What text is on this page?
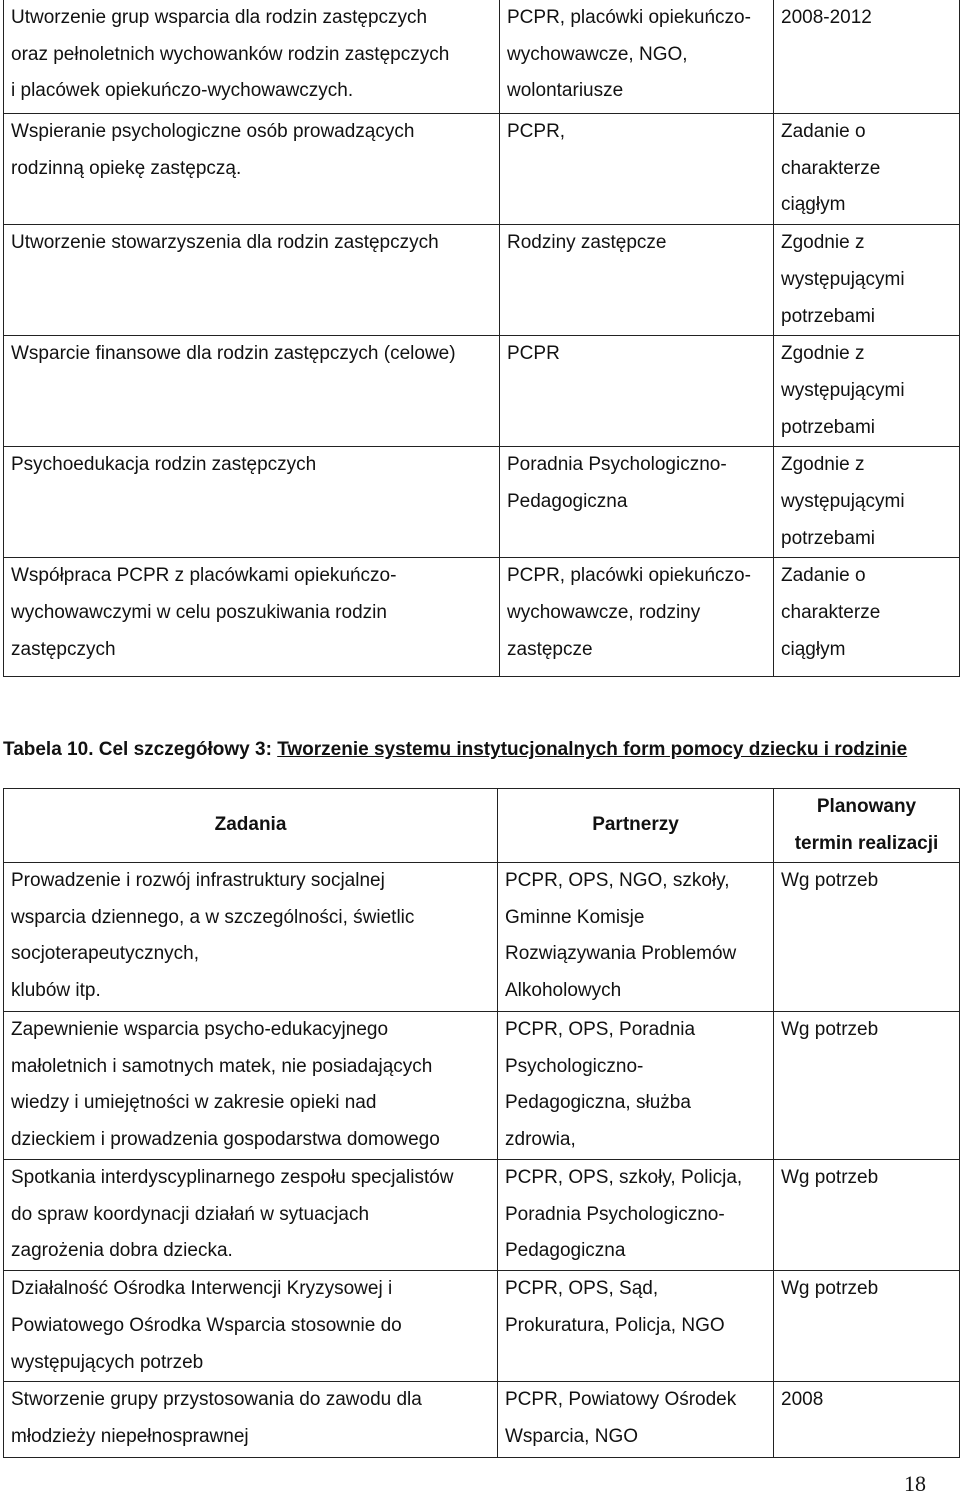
Utworzenie grup wsparcia dla rodzin zastępczych
oraz pełnoletnich wychowanków rodzin zastępczych
i placówek opiekuńczo-wychowawczych.	PCPR, placówki opiekuńczo-
wychowawcze, NGO,
wolontariusze	2008-2012

Wspieranie psychologiczne osób prowadzących
rodzinną opiekę zastępczą.	PCPR,	Zadanie o
charakterze
ciągłym

Utworzenie stowarzyszenia dla rodzin zastępczych	Rodziny zastępcze	Zgodnie z
występującymi
potrzebami

Wsparcie finansowe dla rodzin zastępczych (celowe)	PCPR	Zgodnie z
występującymi
potrzebami

Psychoedukacja rodzin zastępczych	Poradnia Psychologiczno-
Pedagogiczna	Zgodnie z
występującymi
potrzebami

Współpraca PCPR z placówkami opiekuńczo-
wychowawczymi w celu poszukiwania rodzin
zastępczych	PCPR, placówki opiekuńczo-
wychowawcze, rodziny
zastępcze	Zadanie o
charakterze
ciągłym
Tabela 10. Cel szczegółowy 3: Tworzenie systemu instytucjonalnych form pomocy dziecku i rodzinie
Zadania	Partnerzy	Planowany
termin realizacji

Prowadzenie i rozwój infrastruktury socjalnej
wsparcia dziennego, a w szczególności, świetlic
socjoterapeutycznych,
klubów itp.	PCPR, OPS, NGO, szkoły,
Gminne Komisje
Rozwiązywania Problemów
Alkoholowych	Wg potrzeb

Zapewnienie wsparcia psycho-edukacyjnego
małoletnich i samotnych matek, nie posiadających
wiedzy i umiejętności w zakresie opieki nad
dzieckiem i prowadzenia gospodarstwa domowego	PCPR, OPS, Poradnia
Psychologiczno-
Pedagogiczna, służba
zdrowia,	Wg potrzeb

Spotkania interdyscyplinarnego zespołu specjalistów
do spraw koordynacji działań w sytuacjach
zagrożenia dobra dziecka.	PCPR, OPS, szkoły, Policja,
Poradnia Psychologiczno-
Pedagogiczna	Wg potrzeb

Działalność Ośrodka Interwencji Kryzysowej i
Powiatowego Ośrodka Wsparcia stosownie do
występujących potrzeb	PCPR, OPS, Sąd,
Prokuratura, Policja, NGO	Wg potrzeb

Stworzenie grupy przystosowania do zawodu dla
młodzieży niepełnosprawnej	PCPR, Powiatowy Ośrodek
Wsparcia, NGO	2008
18
